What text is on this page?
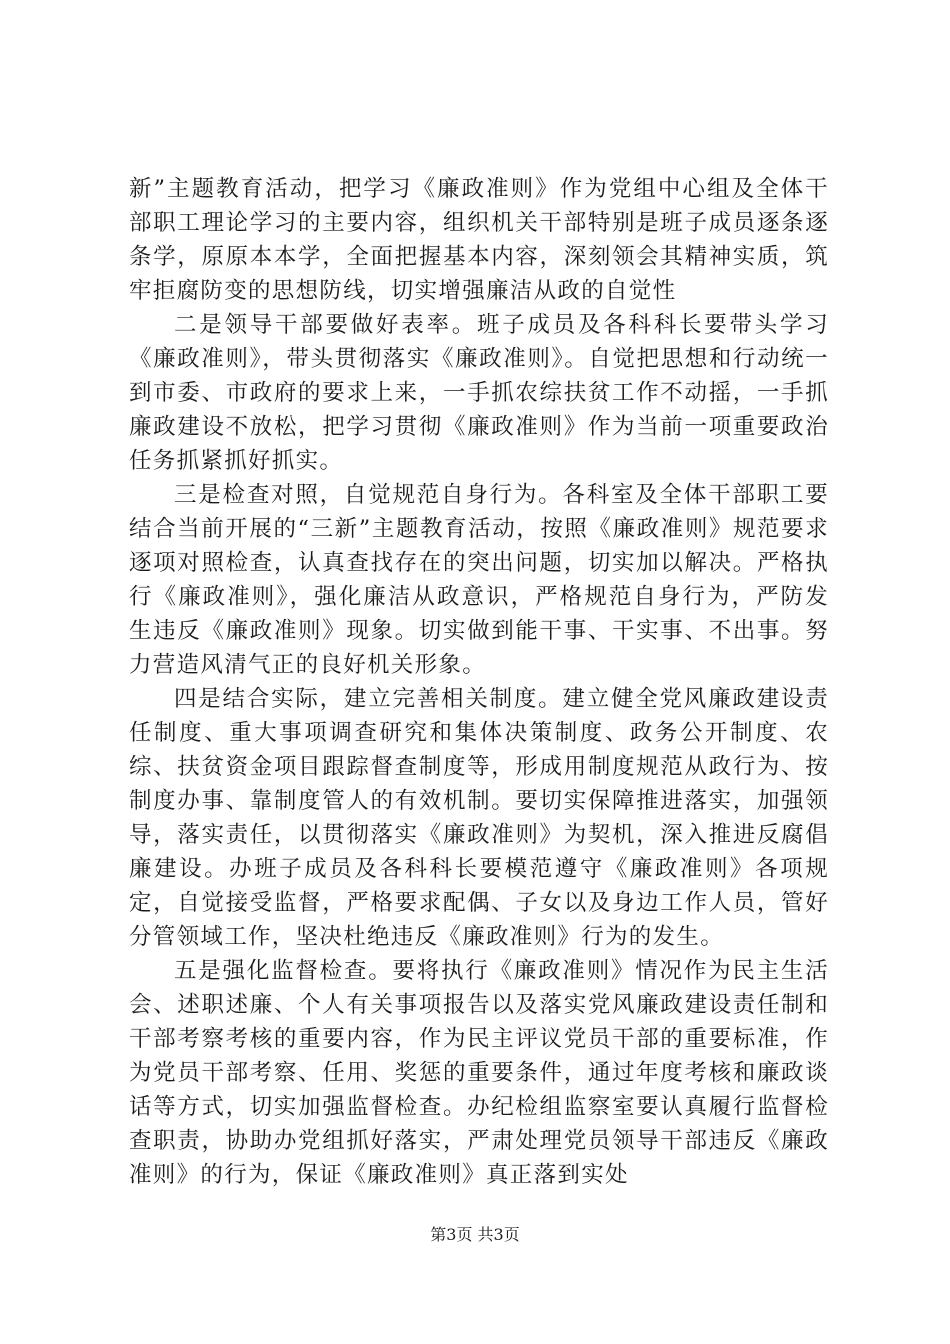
新”主题教育活动，把学习《廉政准则》作为党组中心组及全体干部职工理论学习的主要内容，组织机关干部特别是班子成员逐条逐条学，原原本本学，全面把握基本内容，深刻领会其精神实质，筑牢拒腐防变的思想防线，切实增强廉洁从政的自觉性

二是领导干部要做好表率。班子成员及各科科长要带头学习《廉政准则》，带头贯彻落实《廉政准则》。自觉把思想和行动统一到市委、市政府的要求上来，一手抓农综扶贫工作不动摇，一手抓廉政建设不放松，把学习贯彻《廉政准则》作为当前一项重要政治任务抓紧抓好抓实。

三是检查对照，自觉规范自身行为。各科室及全体干部职工要结合当前开展的“三新”主题教育活动，按照《廉政准则》规范要求逐项对照检查，认真查找存在的突出问题，切实加以解决。严格执行《廉政准则》，强化廉洁从政意识，严格规范自身行为，严防发生违反《廉政准则》现象。切实做到能干事、干实事、不出事。努力营造风清气正的良好机关形象。

四是结合实际，建立完善相关制度。建立健全党风廉政建设责任制度、重大事项调查研究和集体决策制度、政务公开制度、农综、扶贫资金项目跟踪督查制度等，形成用制度规范从政行为、按制度办事、靠制度管人的有效机制。要切实保障推进落实，加强领导，落实责任，以贯彻落实《廉政准则》为契机，深入推进反腐倡廉建设。办班子成员及各科科长要模范遵守《廉政准则》各项规定，自觉接受监督，严格要求配偶、子女以及身边工作人员，管好分管领域工作，坚决杜绝违反《廉政准则》行为的发生。

五是强化监督检查。要将执行《廉政准则》情况作为民主生活会、述职述廉、个人有关事项报告以及落实党风廉政建设责任制和干部考察考核的重要内容，作为民主评议党员干部的重要标准，作为党员干部考察、任用、奖惩的重要条件，通过年度考核和廉政谈话等方式，切实加强监督检查。办纪检组监察室要认真履行监督检查职责，协助办党组抓好落实，严肃处理党员领导干部违反《廉政准则》的行为，保证《廉政准则》真正落到实处

第3页 共3页
